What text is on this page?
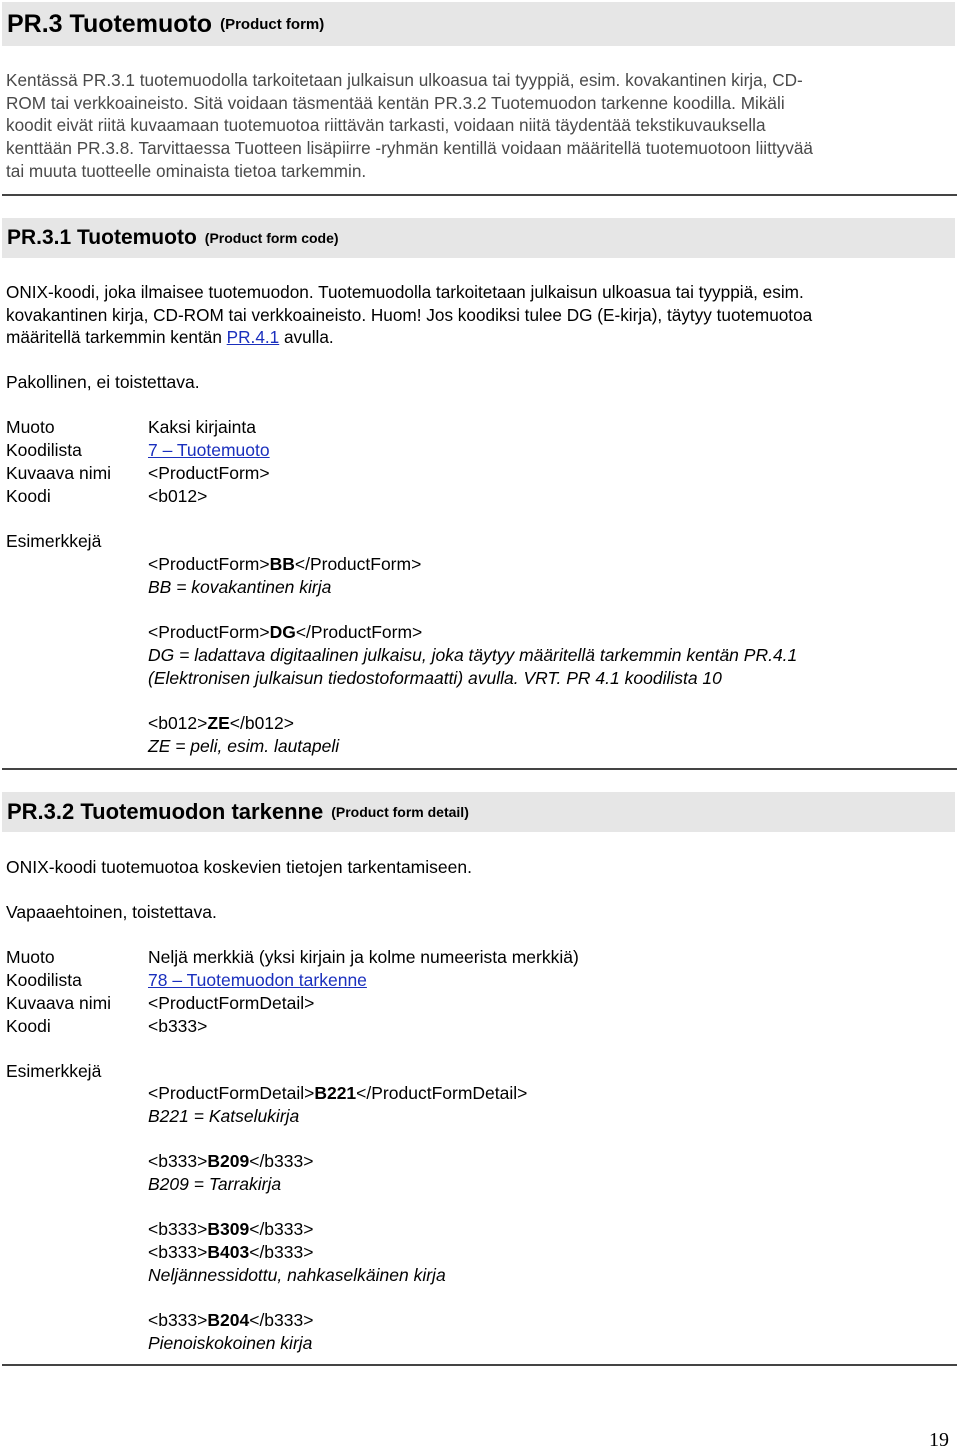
PR.3 Tuotemuoto (Product form)
Kentässä PR.3.1 tuotemuodolla tarkoitetaan julkaisun ulkoasua tai tyyppiä, esim. kovakantinen kirja, CD-
ROM tai verkkoaineisto. Sitä voidaan täsmentää kentän PR.3.2 Tuotemuodon tarkenne koodilla. Mikäli
koodit eivät riitä kuvaamaan tuotemuotoa riittävän tarkasti, voidaan niitä täydentää tekstikuvauksella
kenttään PR.3.8. Tarvittaessa Tuotteen lisäpiirre -ryhmän kentillä voidaan määritellä tuotemuotoon liittyvää
tai muuta tuotteelle ominaista tietoa tarkemmin.
PR.3.1 Tuotemuoto (Product form code)
ONIX-koodi, joka ilmaisee tuotemuodon. Tuotemuodolla tarkoitetaan julkaisun ulkoasua tai tyyppiä, esim.
kovakantinen kirja, CD-ROM tai verkkoaineisto. Huom! Jos koodiksi tulee DG (E-kirja), täytyy tuotemuotoa
määritellä tarkemmin kentän PR.4.1 avulla.
Pakollinen, ei toistettava.
Muoto	Kaksi kirjainta
Koodilista	7 – Tuotemuoto
Kuvaava nimi <ProductForm>
Koodi	<b012>
Esimerkkejä
<ProductForm>BB</ProductForm>
BB = kovakantinen kirja
<ProductForm>DG</ProductForm>
DG = ladattava digitaalinen julkaisu, joka täytyy määritellä tarkemmin kentän PR.4.1
(Elektronisen julkaisun tiedostoformaatti) avulla. VRT. PR 4.1 koodilista 10
<b012>ZE</b012>
ZE = peli, esim. lautapeli
PR.3.2 Tuotemuodon tarkenne (Product form detail)
ONIX-koodi tuotemuotoa koskevien tietojen tarkentamiseen.
Vapaaehtoinen, toistettava.
Muoto	Neljä merkkiä (yksi kirjain ja kolme numeerista merkkiä)
Koodilista	78 – Tuotemuodon tarkenne
Kuvaava nimi <ProductFormDetail>
Koodi	<b333>
Esimerkkejä
<ProductFormDetail>B221</ProductFormDetail>
B221 = Katselukirja
<b333>B209</b333>
B209 = Tarrakirja
<b333>B309</b333>
<b333>B403</b333>
Neljännessidottu, nahkaselkäinen kirja
<b333>B204</b333>
Pienoiskokoinen kirja
19
